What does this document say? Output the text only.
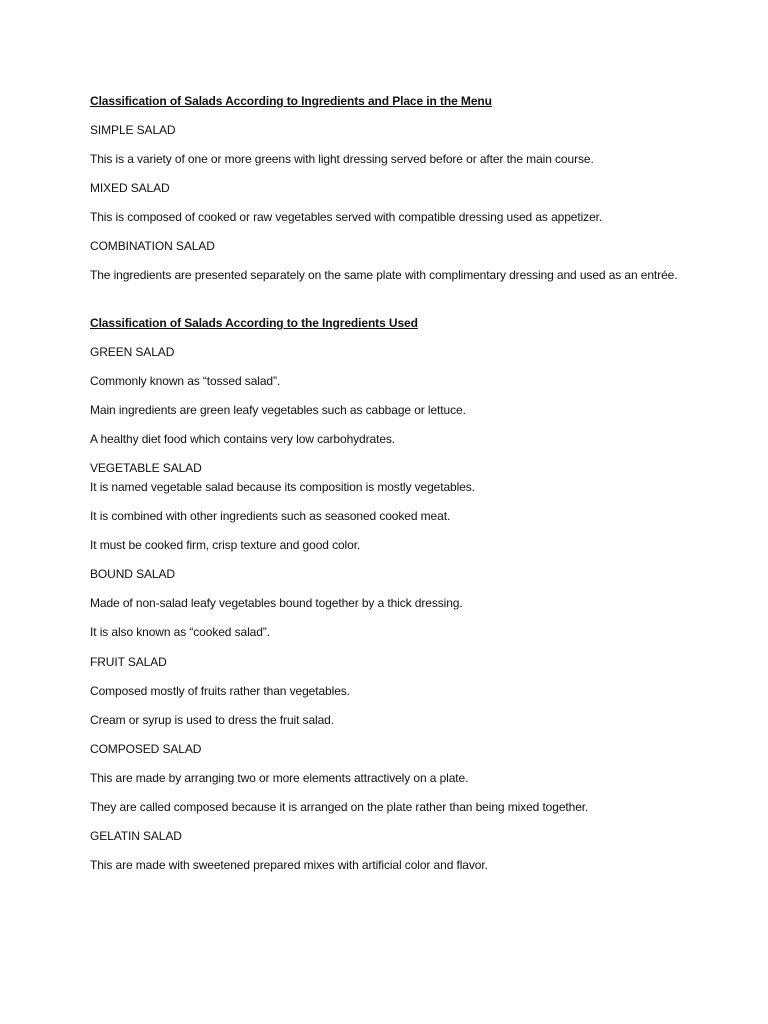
Classification of Salads According to Ingredients and Place in the Menu
SIMPLE SALAD
This is a variety of one or more greens with light dressing served before or after the main course.
MIXED SALAD
This is composed of cooked or raw vegetables served with compatible dressing used as appetizer.
COMBINATION SALAD
The ingredients are presented separately on the same plate with complimentary dressing and used as an entrée.
Classification of Salads According to the Ingredients Used
GREEN SALAD
Commonly known as “tossed salad”.
Main ingredients are green leafy vegetables such as cabbage or lettuce.
A healthy diet food which contains very low carbohydrates.
VEGETABLE SALAD
It is named vegetable salad because its composition is mostly vegetables.
It is combined with other ingredients such as seasoned cooked meat.
It must be cooked firm, crisp texture and good color.
BOUND SALAD
Made of non-salad leafy vegetables bound together by a thick dressing.
It is also known as “cooked salad”.
FRUIT SALAD
Composed mostly of fruits rather than vegetables.
Cream or syrup is used to dress the fruit salad.
COMPOSED SALAD
This are made by arranging two or more elements attractively on a plate.
They are called composed because it is arranged on the plate rather than being mixed together.
GELATIN SALAD
This are made with sweetened prepared mixes with artificial color and flavor.
